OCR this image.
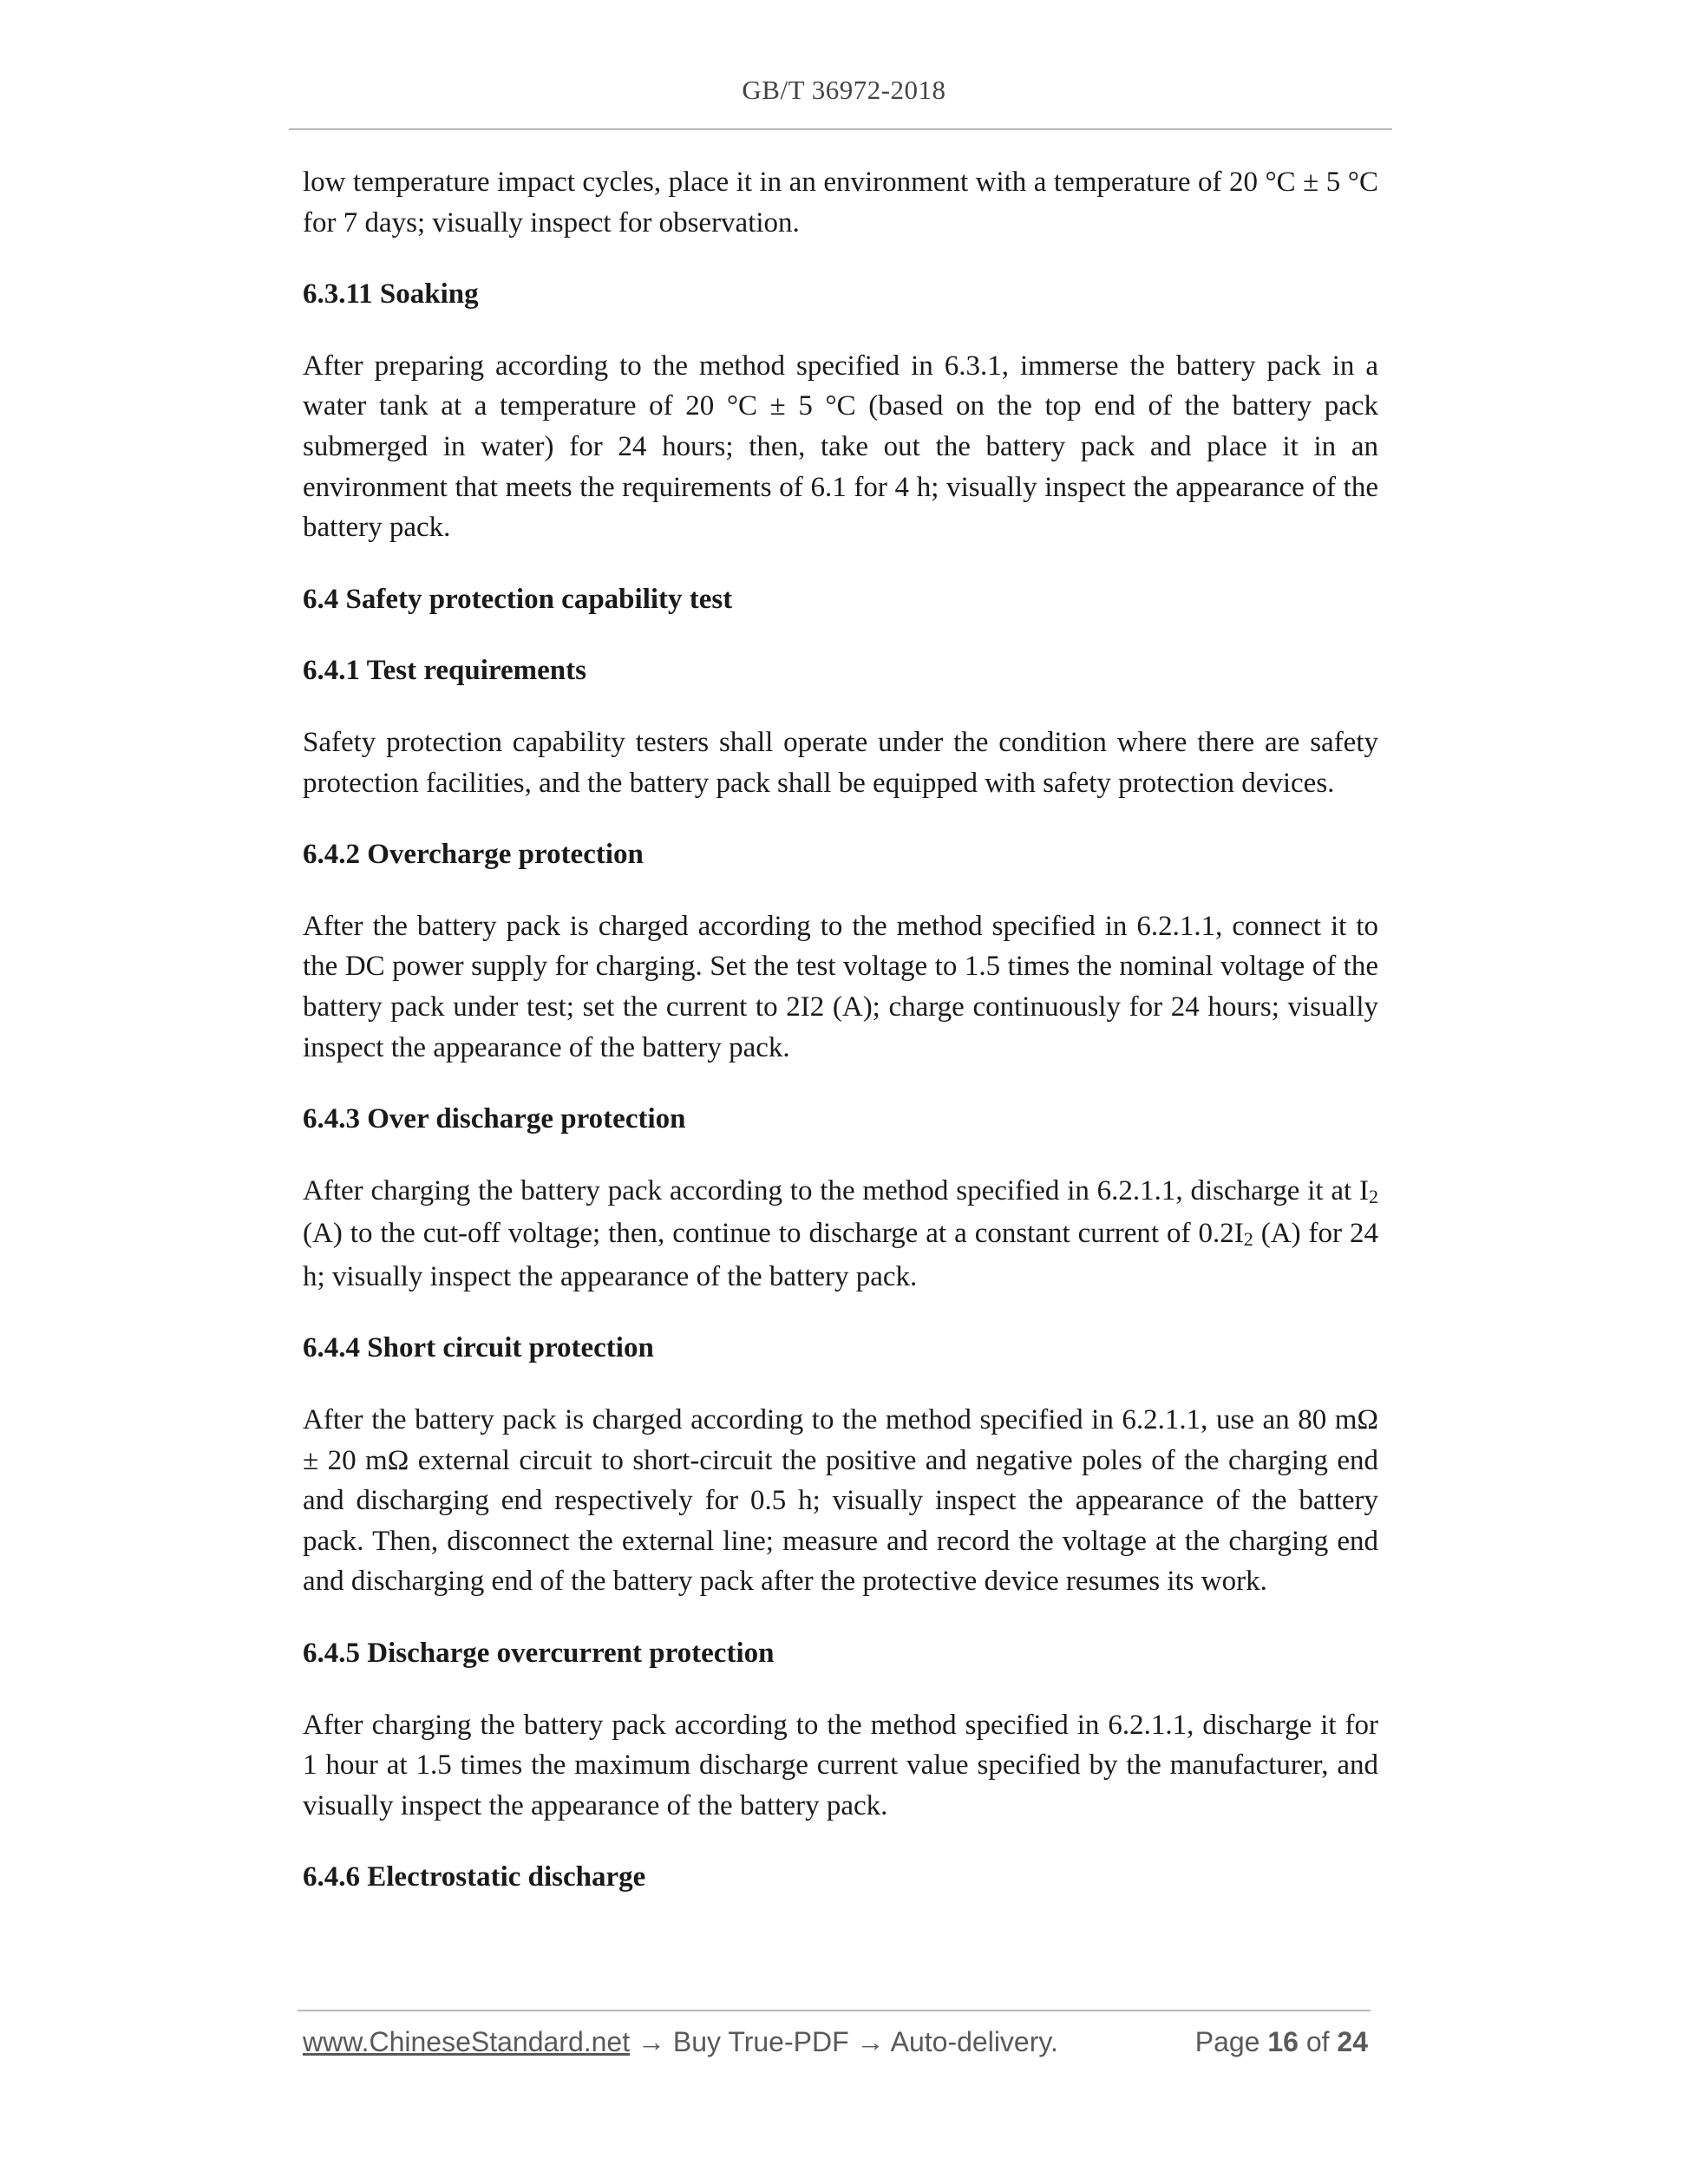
GB/T 36972-2018

low temperature impact cycles, place it in an environment with a temperature of 20 °C ± 5 °C for 7 days; visually inspect for observation.

6.3.11 Soaking

After preparing according to the method specified in 6.3.1, immerse the battery pack in a water tank at a temperature of 20 °C ± 5 °C (based on the top end of the battery pack submerged in water) for 24 hours; then, take out the battery pack and place it in an environment that meets the requirements of 6.1 for 4 h; visually inspect the appearance of the battery pack.

6.4 Safety protection capability test
6.4.1 Test requirements

Safety protection capability testers shall operate under the condition where there are safety protection facilities, and the battery pack shall be equipped with safety protection devices.

6.4.2 Overcharge protection

After the battery pack is charged according to the method specified in 6.2.1.1, connect it to the DC power supply for charging. Set the test voltage to 1.5 times the nominal voltage of the battery pack under test; set the current to 2I2 (A); charge continuously for 24 hours; visually inspect the appearance of the battery pack.

6.4.3 Over discharge protection

After charging the battery pack according to the method specified in 6.2.1.1, discharge it at $I_2$ (A) to the cut-off voltage; then, continue to discharge at a constant current of $0.2I_2$ (A) for 24 h; visually inspect the appearance of the battery pack.

6.4.4 Short circuit protection

After the battery pack is charged according to the method specified in 6.2.1.1, use an 80 mΩ ± 20 mΩ external circuit to short-circuit the positive and negative poles of the charging end and discharging end respectively for 0.5 h; visually inspect the appearance of the battery pack. Then, disconnect the external line; measure and record the voltage at the charging end and discharging end of the battery pack after the protective device resumes its work.

6.4.5 Discharge overcurrent protection

After charging the battery pack according to the method specified in 6.2.1.1, discharge it for 1 hour at 1.5 times the maximum discharge current value specified by the manufacturer, and visually inspect the appearance of the battery pack.

6.4.6 Electrostatic discharge
www.ChineseStandard.net → Buy True-PDF → Auto-delivery.	Page 16 of 24
